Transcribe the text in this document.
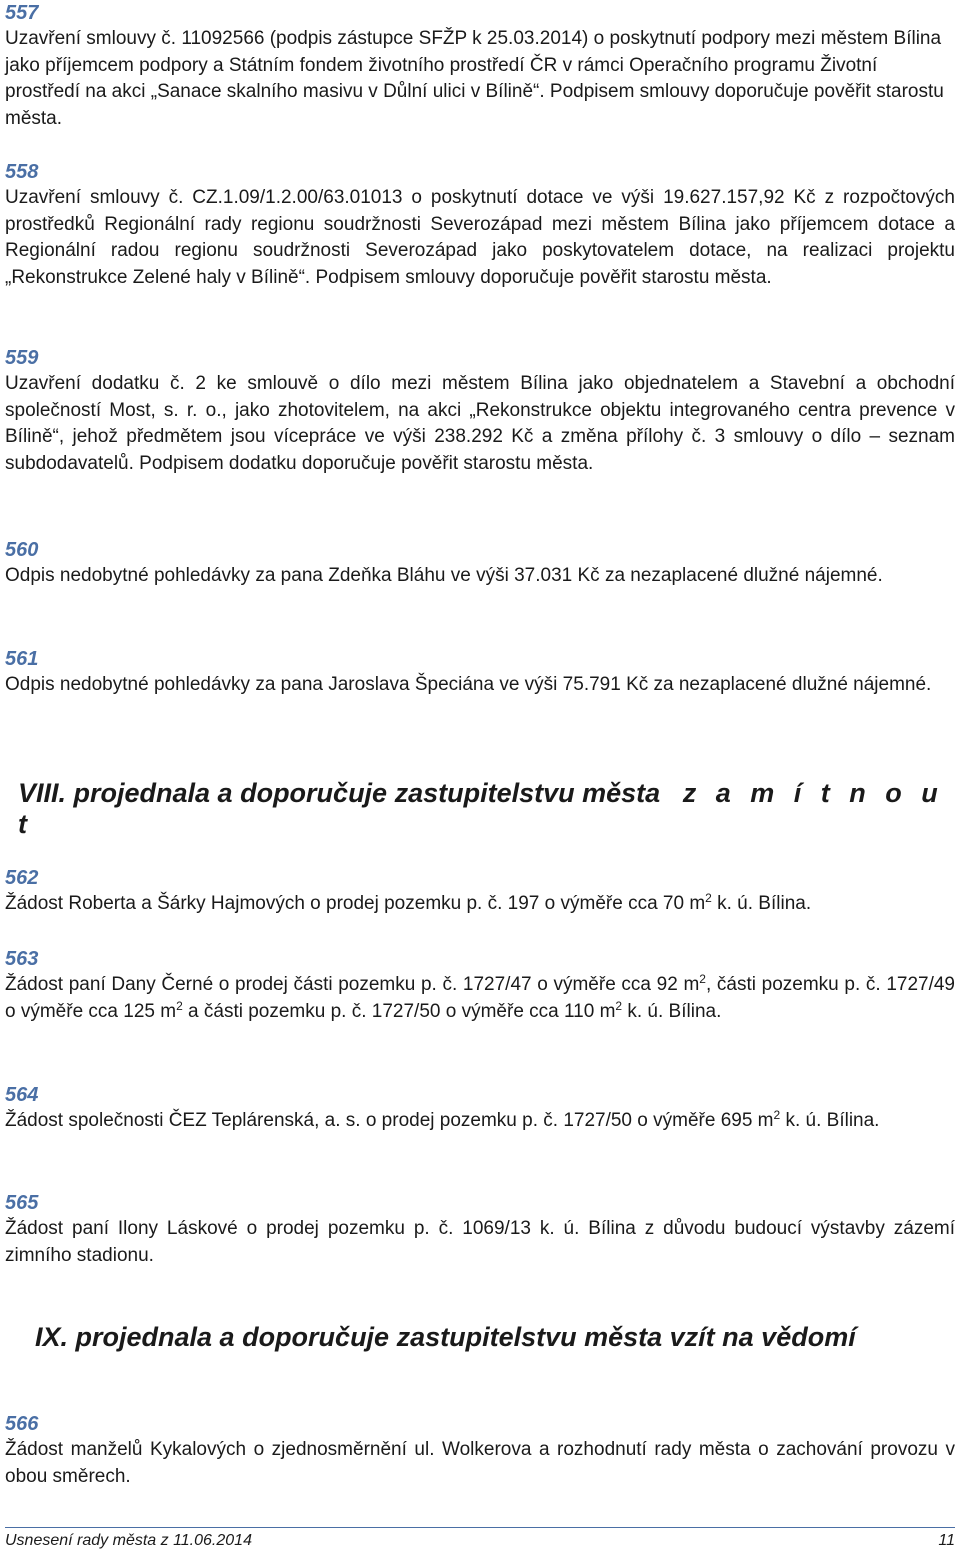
557
Uzavření smlouvy č. 11092566 (podpis zástupce SFŽP k 25.03.2014) o poskytnutí podpory mezi městem Bílina jako příjemcem podpory a Státním fondem životního prostředí ČR v rámci Operačního programu Životní prostředí na akci „Sanace skalního masivu v Důlní ulici v Bílině“. Podpisem smlouvy doporučuje pověřit starostu města.
558
Uzavření smlouvy č. CZ.1.09/1.2.00/63.01013 o poskytnutí dotace ve výši 19.627.157,92 Kč z rozpočtových prostředků Regionální rady regionu soudržnosti Severozápad mezi městem Bílina jako příjemcem dotace a Regionální radou regionu soudržnosti Severozápad jako poskytovatelem dotace, na realizaci projektu „Rekonstrukce Zelené haly v Bílině“. Podpisem smlouvy doporučuje pověřit starostu města.
559
Uzavření dodatku č. 2 ke smlouvě o dílo mezi městem Bílina jako objednatelem a Stavební a obchodní společností Most, s. r. o., jako zhotovitelem, na akci „Rekonstrukce objektu integrovaného centra prevence v Bílině“, jehož předmětem jsou vícepráce ve výši 238.292 Kč a změna přílohy č. 3 smlouvy o dílo – seznam subdodavatelů. Podpisem dodatku doporučuje pověřit starostu města.
560
Odpis nedobytné pohledávky za pana Zdeňka Bláhu ve výši 37.031 Kč za nezaplacené dlužné nájemné.
561
Odpis nedobytné pohledávky za pana Jaroslava Špeciána ve výši 75.791 Kč za nezaplacené dlužné nájemné.
VIII. projednala a doporučuje zastupitelstvu města z a m í t n o u t
562
Žádost Roberta a Šárky Hajmových o prodej pozemku p. č. 197 o výměře cca 70 $m^2$ k. ú. Bílina.
563
Žádost paní Dany Černé o prodej části pozemku p. č. 1727/47 o výměře cca 92 $m^2$, části pozemku p. č. 1727/49 o výměře cca 125 $m^2$ a části pozemku p. č. 1727/50 o výměře cca 110 $m^2$ k. ú. Bílina.
564
Žádost společnosti ČEZ Teplárenská, a. s. o prodej pozemku p. č. 1727/50 o výměře 695 $m^2$ k. ú. Bílina.
565
Žádost paní Ilony Láskové o prodej pozemku p. č. 1069/13 k. ú. Bílina z důvodu budoucí výstavby zázemí zimního stadionu.
IX. projednala a doporučuje zastupitelstvu města vzít na vědomí
566
Žádost manželů Kykalových o zjednosměrnění ul. Wolkerova a rozhodnutí rady města o zachování provozu v obou směrech.
Usnesení rady města z 11.06.2014	11
